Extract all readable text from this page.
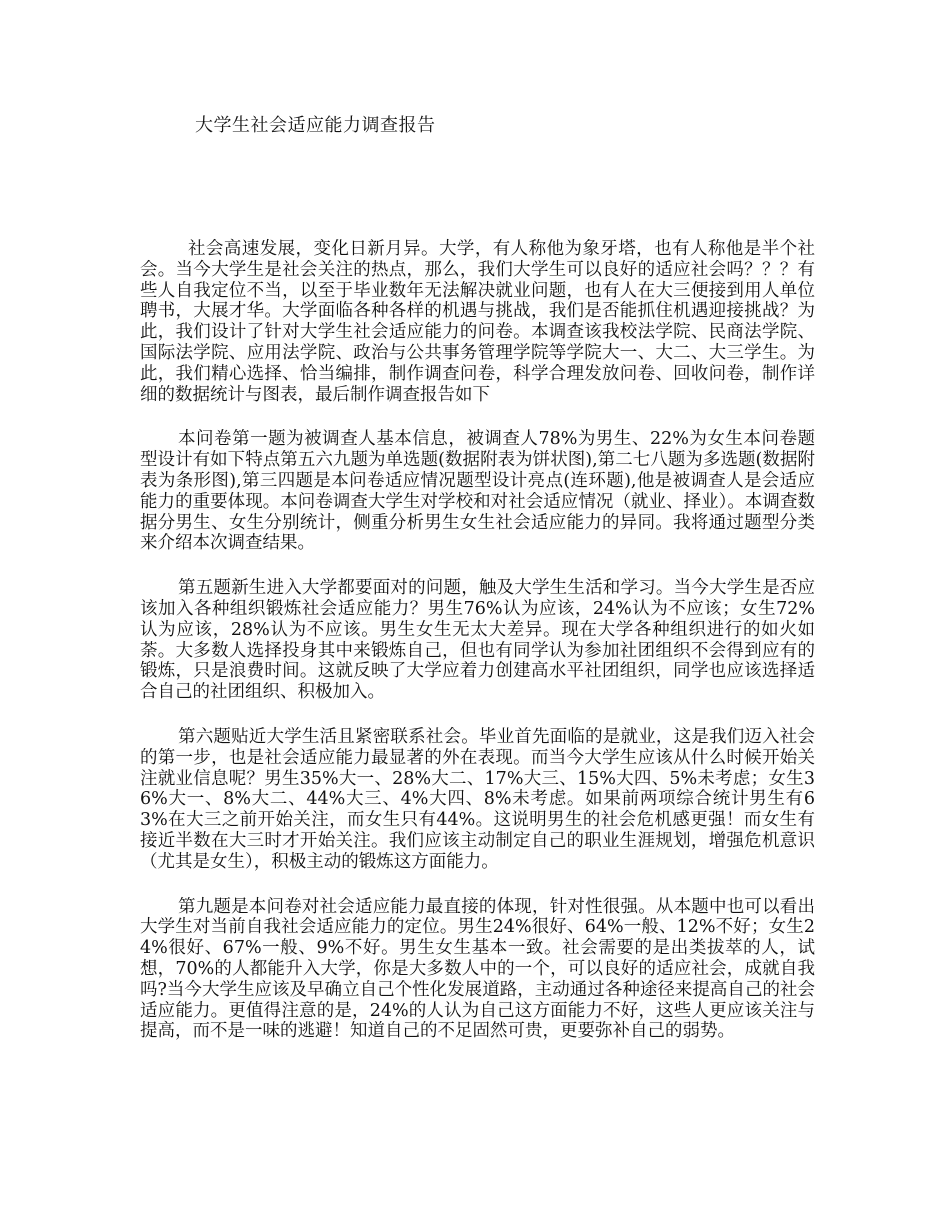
大学生社会适应能力调查报告

社会高速发展，变化日新月异。大学，有人称他为象牙塔，也有人称他是半个社会。当今大学生是社会关注的热点，那么，我们大学生可以良好的适应社会吗？？？有些人自我定位不当，以至于毕业数年无法解决就业问题，也有人在大三便接到用人单位聘书，大展才华。大学面临各种各样的机遇与挑战，我们是否能抓住机遇迎接挑战？为此，我们设计了针对大学生社会适应能力的问卷。本调查该我校法学院、民商法学院、国际法学院、应用法学院、政治与公共事务管理学院等学院大一、大二、大三学生。为此，我们精心选择、恰当编排，制作调查问卷，科学合理发放问卷、回收问卷，制作详细的数据统计与图表，最后制作调查报告如下

本问卷第一题为被调查人基本信息，被调查人78%为男生、22%为女生本问卷题型设计有如下特点第五六九题为单选题(数据附表为饼状图),第二七八题为多选题(数据附表为条形图),第三四题是本问卷适应情况题型设计亮点(连环题),他是被调查人是会适应能力的重要体现。本问卷调查大学生对学校和对社会适应情况（就业、择业）。本调查数据分男生、女生分别统计，侧重分析男生女生社会适应能力的异同。我将通过题型分类来介绍本次调查结果。

第五题新生进入大学都要面对的问题，触及大学生生活和学习。当今大学生是否应该加入各种组织锻炼社会适应能力？男生76%认为应该，24%认为不应该；女生72%认为应该，28%认为不应该。男生女生无太大差异。现在大学各种组织进行的如火如荼。大多数人选择投身其中来锻炼自己，但也有同学认为参加社团组织不会得到应有的锻炼，只是浪费时间。这就反映了大学应着力创建高水平社团组织，同学也应该选择适合自己的社团组织、积极加入。

第六题贴近大学生活且紧密联系社会。毕业首先面临的是就业，这是我们迈入社会的第一步，也是社会适应能力最显著的外在表现。而当今大学生应该从什么时候开始关注就业信息呢？男生35%大一、28%大二、17%大三、15%大四、5%未考虑；女生36%大一、8%大二、44%大三、4%大四、8%未考虑。如果前两项综合统计男生有63%在大三之前开始关注，而女生只有44%。这说明男生的社会危机感更强！而女生有接近半数在大三时才开始关注。我们应该主动制定自己的职业生涯规划，增强危机意识（尤其是女生），积极主动的锻炼这方面能力。

第九题是本问卷对社会适应能力最直接的体现，针对性很强。从本题中也可以看出大学生对当前自我社会适应能力的定位。男生24%很好、64%一般、12%不好；女生24%很好、67%一般、9%不好。男生女生基本一致。社会需要的是出类拔萃的人，试想，70%的人都能升入大学，你是大多数人中的一个，可以良好的适应社会，成就自我吗?当今大学生应该及早确立自己个性化发展道路，主动通过各种途径来提高自己的社会适应能力。更值得注意的是，24%的人认为自己这方面能力不好，这些人更应该关注与提高，而不是一味的逃避！知道自己的不足固然可贵，更要弥补自己的弱势。
